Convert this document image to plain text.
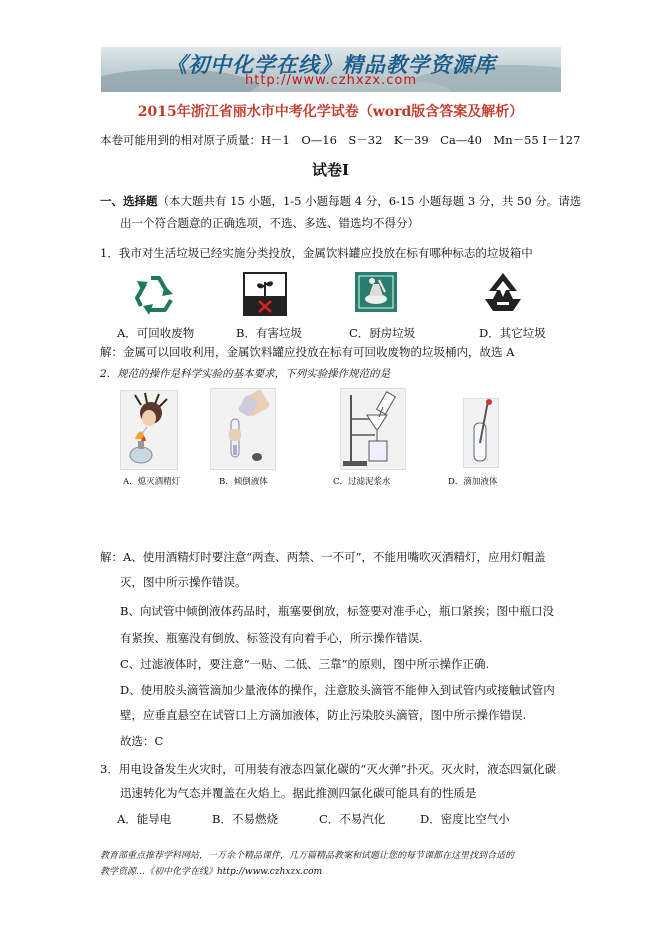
《初中化学在线》精品教学资源库
http://www.czhxzx.com
2015年浙江省丽水市中考化学试卷（word版含答案及解析）
本卷可能用到的相对原子质量：H－1　O—16　S－32　K－39　Ca—40　Mn－55 I－127
试卷Ⅰ
一、选择题（本大题共有 15 小题，1-5 小题每题 4 分，6-15 小题每题 3 分，共 50 分。请选
出一个符合题意的正确选项，不选、多选、错选均不得分）
1．我市对生活垃圾已经实施分类投放，金属饮料罐应投放在标有哪种标志的垃圾箱中
A．可回收废物	B．有害垃圾	C．厨房垃圾	D．其它垃圾
解：金属可以回收利用，金属饮料罐应投放在标有可回收废物的垃圾桶内，故选 A
2．规范的操作是科学实验的基本要求，下列实验操作规范的是
A．熄灭酒精灯	B．倾倒液体	C．过滤泥浆水	D．滴加液体
解：A、使用酒精灯时要注意“两查、两禁、一不可”，不能用嘴吹灭酒精灯，应用灯帽盖
灭，图中所示操作错误。
B、向试管中倾倒液体药品时，瓶塞要倒放，标签要对准手心，瓶口紧挨；图中瓶口没
有紧挨、瓶塞没有倒放、标签没有向着手心，所示操作错误.
C、过滤液体时，要注意“一贴、二低、三靠”的原则，图中所示操作正确.
D、使用胶头滴管滴加少量液体的操作，注意胶头滴管不能伸入到试管内或接触试管内
壁，应垂直悬空在试管口上方滴加液体，防止污染胶头滴管，图中所示操作错误.
故选：C
3．用电设备发生火灾时，可用装有液态四氯化碳的“灭火弹”扑灭。灭火时，液态四氯化碳
迅速转化为气态并覆盖在火焰上。据此推测四氯化碳可能具有的性质是
A．能导电	B．不易燃烧	C．不易汽化	D．密度比空气小
教育部重点推荐学科网站，一万余个精品课件，几万篇精品教案和试题让您的每节课都在这里找到合适的
教学资源…《初中化学在线》http://www.czhxzx.com
